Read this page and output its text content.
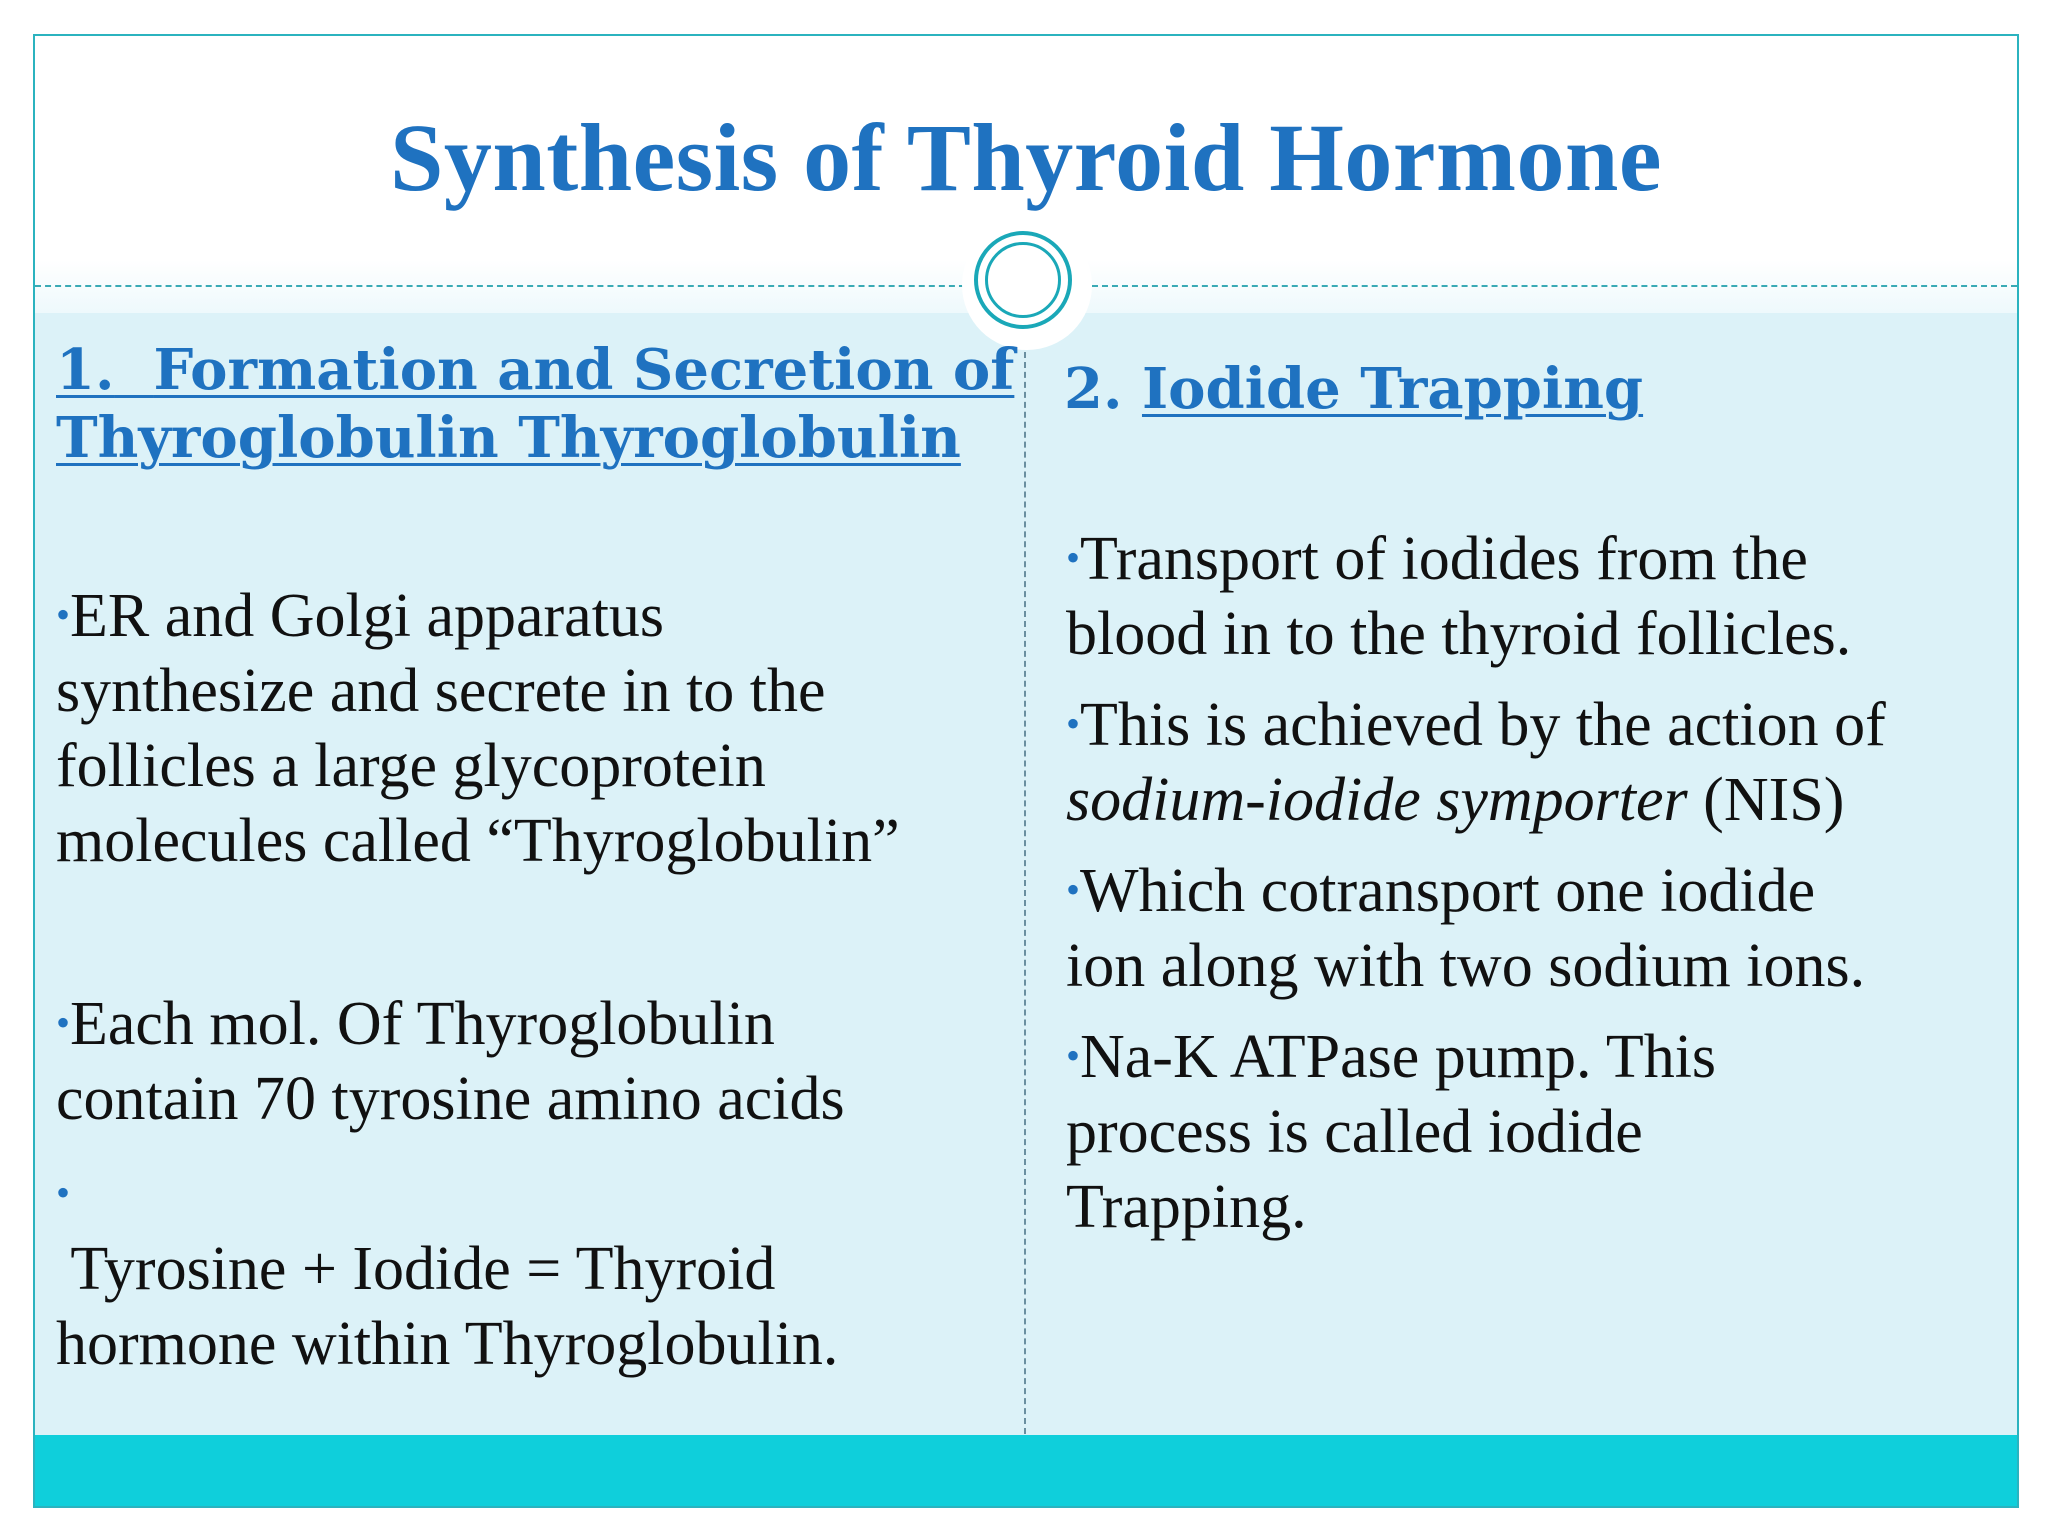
Synthesis of Thyroid Hormone
1. Formation and Secretion of
Thyroglobulin Thyroglobulin
•ER and Golgi apparatus
synthesize and secrete in to the
follicles a large glycoprotein
molecules called “Thyroglobulin”
•Each mol. Of Thyroglobulin
contain 70 tyrosine amino acids
•
Tyrosine + Iodide = Thyroid
hormone within Thyroglobulin.
2. Iodide Trapping
•Transport of iodides from the
blood in to the thyroid follicles.
•This is achieved by the action of
sodium-iodide symporter (NIS)
•Which cotransport one iodide
ion along with two sodium ions.
•Na-K ATPase pump. This
process is called iodide
Trapping.
